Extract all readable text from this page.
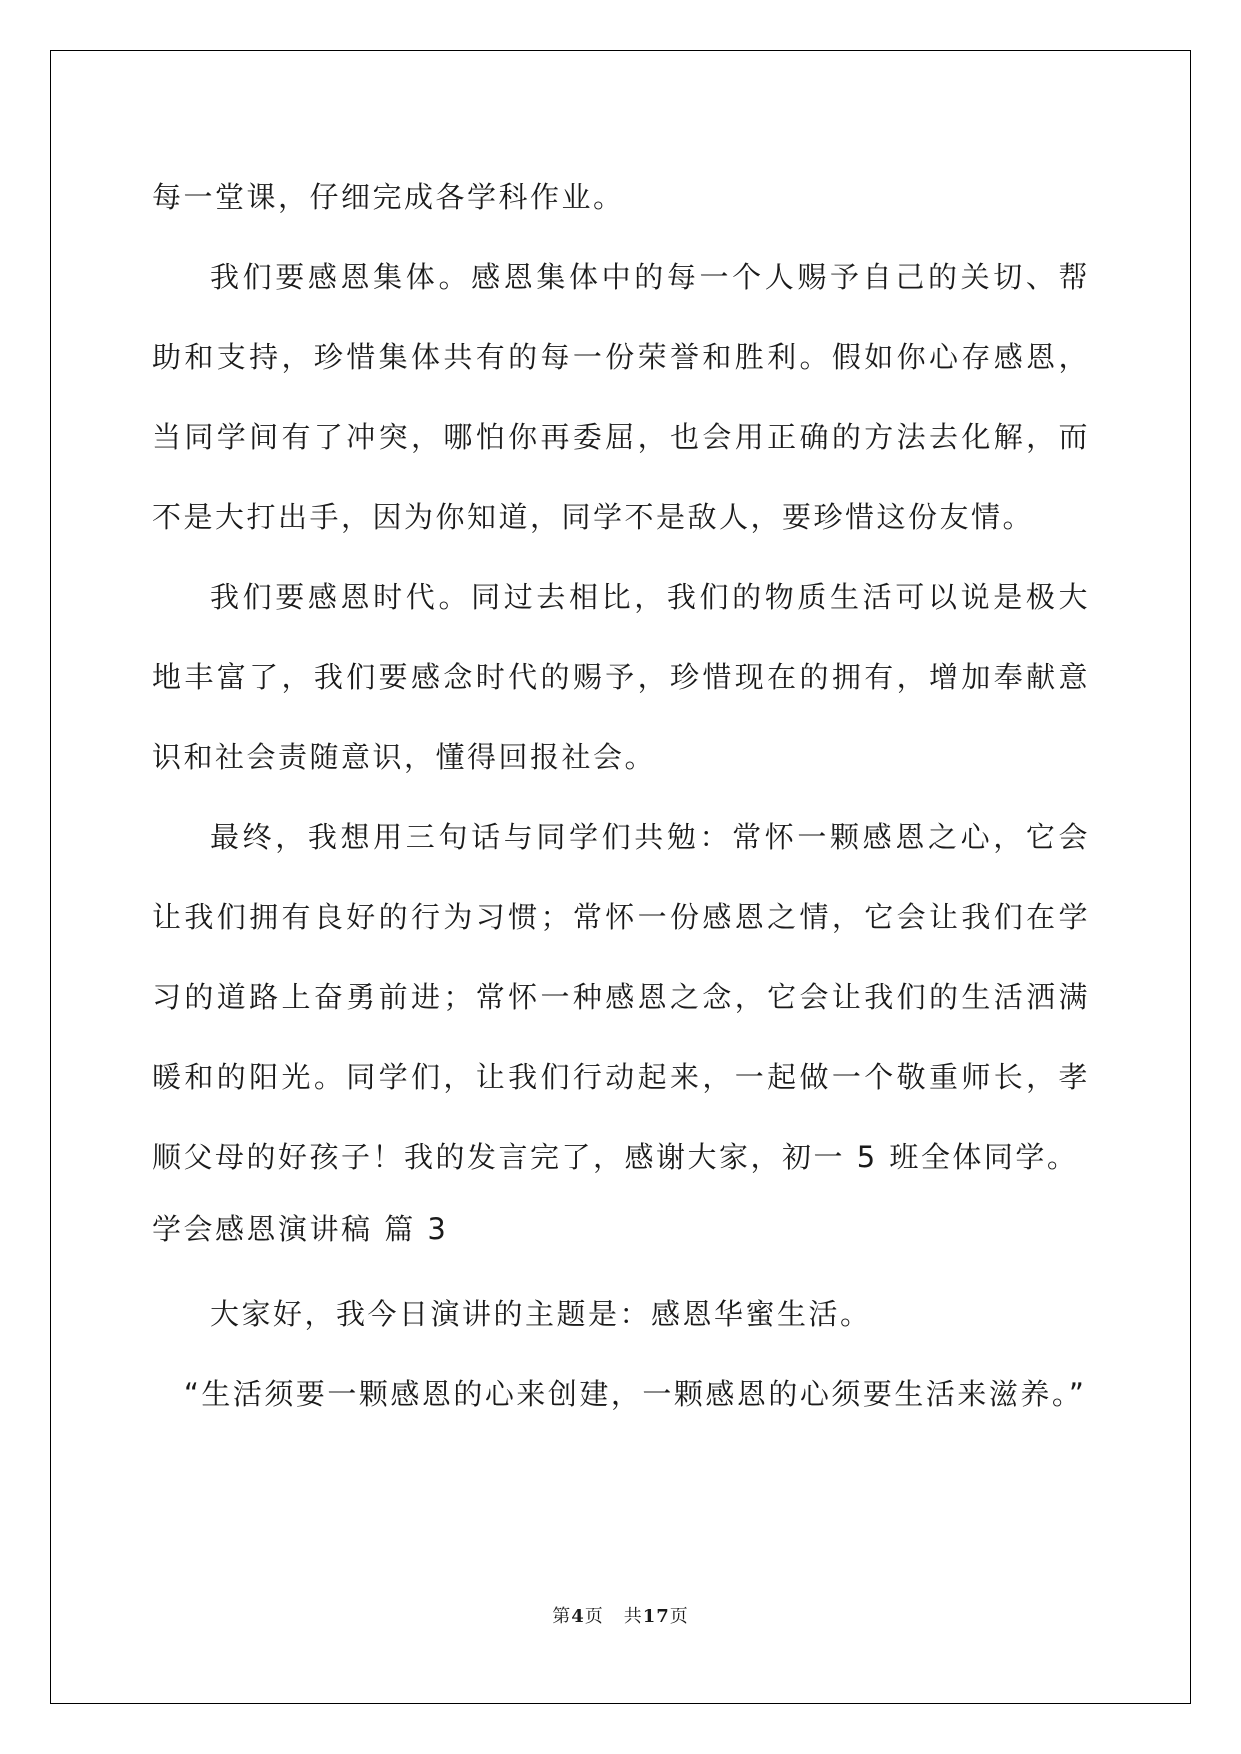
每一堂课，仔细完成各学科作业。

我们要感恩集体。感恩集体中的每一个人赐予自己的关切、帮助和支持，珍惜集体共有的每一份荣誉和胜利。假如你心存感恩，当同学间有了冲突，哪怕你再委屈，也会用正确的方法去化解，而不是大打出手，因为你知道，同学不是敌人，要珍惜这份友情。

我们要感恩时代。同过去相比，我们的物质生活可以说是极大地丰富了，我们要感念时代的赐予，珍惜现在的拥有，增加奉献意识和社会责随意识，懂得回报社会。

最终，我想用三句话与同学们共勉：常怀一颗感恩之心，它会让我们拥有良好的行为习惯；常怀一份感恩之情，它会让我们在学习的道路上奋勇前进；常怀一种感恩之念，它会让我们的生活洒满暖和的阳光。同学们，让我们行动起来，一起做一个敬重师长，孝顺父母的好孩子！我的发言完了，感谢大家，初一 5 班全体同学。

学会感恩演讲稿 篇 3

大家好，我今日演讲的主题是：感恩华蜜生活。

“生活须要一颗感恩的心来创建，一颗感恩的心须要生活来滋养。”

第4页 共17页
